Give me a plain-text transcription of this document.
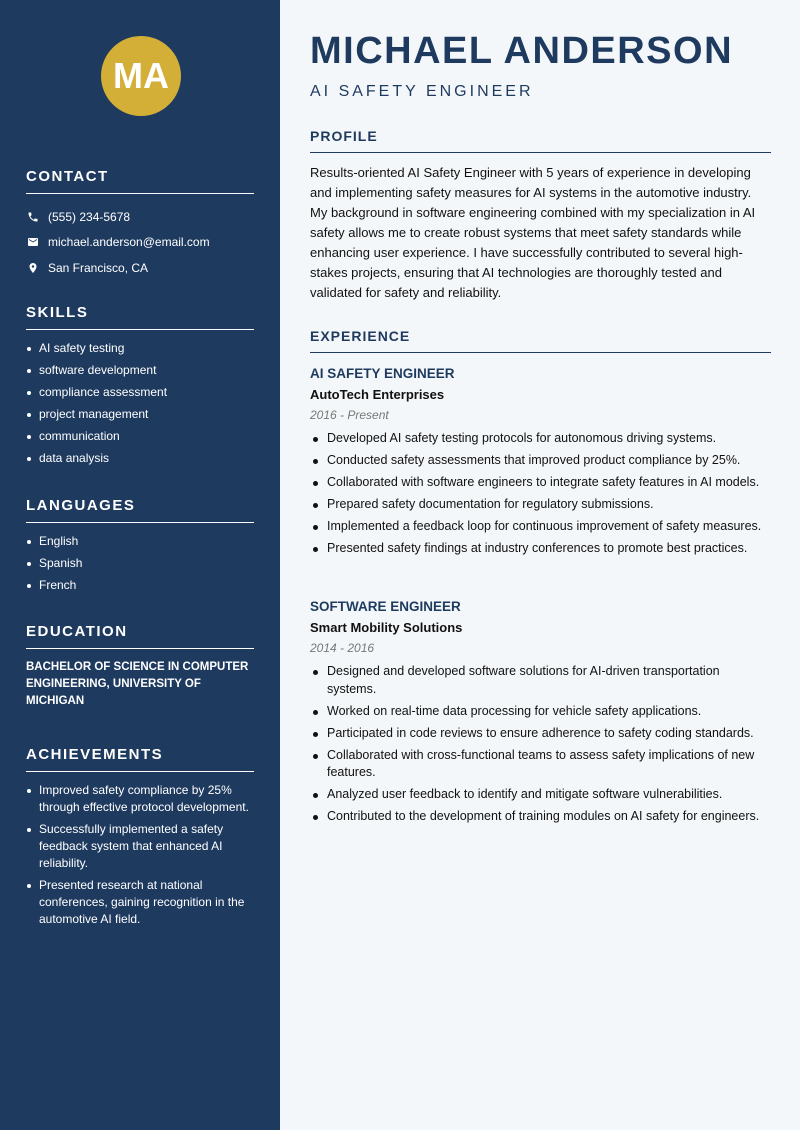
MA
CONTACT
(555) 234-5678
michael.anderson@email.com
San Francisco, CA
SKILLS
AI safety testing
software development
compliance assessment
project management
communication
data analysis
LANGUAGES
English
Spanish
French
EDUCATION
BACHELOR OF SCIENCE IN COMPUTER ENGINEERING, UNIVERSITY OF MICHIGAN
ACHIEVEMENTS
Improved safety compliance by 25% through effective protocol development.
Successfully implemented a safety feedback system that enhanced AI reliability.
Presented research at national conferences, gaining recognition in the automotive AI field.
MICHAEL ANDERSON
AI SAFETY ENGINEER
PROFILE
Results-oriented AI Safety Engineer with 5 years of experience in developing and implementing safety measures for AI systems in the automotive industry. My background in software engineering combined with my specialization in AI safety allows me to create robust systems that meet safety standards while enhancing user experience. I have successfully contributed to several high-stakes projects, ensuring that AI technologies are thoroughly tested and validated for safety and reliability.
EXPERIENCE
AI SAFETY ENGINEER
AutoTech Enterprises
2016 - Present
Developed AI safety testing protocols for autonomous driving systems.
Conducted safety assessments that improved product compliance by 25%.
Collaborated with software engineers to integrate safety features in AI models.
Prepared safety documentation for regulatory submissions.
Implemented a feedback loop for continuous improvement of safety measures.
Presented safety findings at industry conferences to promote best practices.
SOFTWARE ENGINEER
Smart Mobility Solutions
2014 - 2016
Designed and developed software solutions for AI-driven transportation systems.
Worked on real-time data processing for vehicle safety applications.
Participated in code reviews to ensure adherence to safety coding standards.
Collaborated with cross-functional teams to assess safety implications of new features.
Analyzed user feedback to identify and mitigate software vulnerabilities.
Contributed to the development of training modules on AI safety for engineers.
